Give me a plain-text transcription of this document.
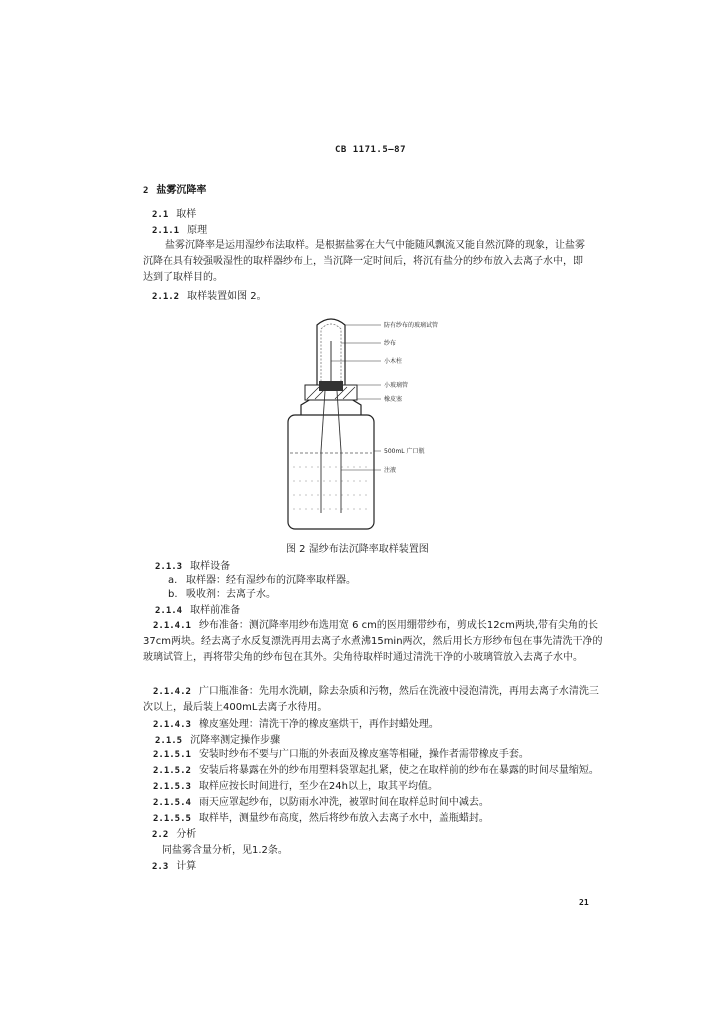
CB 1171.5—87
2 盐雾沉降率
2.1 取样
2.1.1 原理
盐雾沉降率是运用湿纱布法取样。是根据盐雾在大气中能随风飘流又能自然沉降的现象，让盐雾沉降在具有较强吸湿性的取样器纱布上，当沉降一定时间后，将沉有盐分的纱布放入去离子水中，即达到了取样目的。
2.1.2 取样装置如图 2。
防有纱布的玻璃试管
纱布
小木柱
小玻璃管
橡皮塞
500mL 广口瓶
注液
图 2 湿纱布法沉降率取样装置图
2.1.3 取样设备
a. 取样器：经有湿纱布的沉降率取样器。
b. 吸收剂：去离子水。
2.1.4 取样前准备
2.1.4.1 纱布准备：测沉降率用纱布选用宽 6 cm的医用绷带纱布，剪成长12cm两块,带有尖角的长37cm两块。经去离子水反复漂洗再用去离子水煮沸15min两次，然后用长方形纱布包在事先清洗干净的玻璃试管上，再将带尖角的纱布包在其外。尖角待取样时通过清洗干净的小玻璃管放入去离子水中。
2.1.4.2 广口瓶准备：先用水洗刷，除去杂质和污物，然后在洗液中浸泡清洗，再用去离子水清洗三次以上，最后装上400mL去离子水待用。
2.1.4.3 橡皮塞处理：清洗干净的橡皮塞烘干，再作封蜡处理。
2.1.5 沉降率测定操作步骤
2.1.5.1 安装时纱布不要与广口瓶的外表面及橡皮塞等相碰，操作者需带橡皮手套。
2.1.5.2 安装后将暴露在外的纱布用塑料袋罩起扎紧，使之在取样前的纱布在暴露的时间尽量缩短。
2.1.5.3 取样应按长时间进行，至少在24h以上，取其平均值。
2.1.5.4 雨天应罩起纱布，以防雨水冲洗，被罩时间在取样总时间中减去。
2.1.5.5 取样毕，测量纱布高度，然后将纱布放入去离子水中，盖瓶蜡封。
2.2 分析
同盐雾含量分析，见1.2条。
2.3 计算
21
